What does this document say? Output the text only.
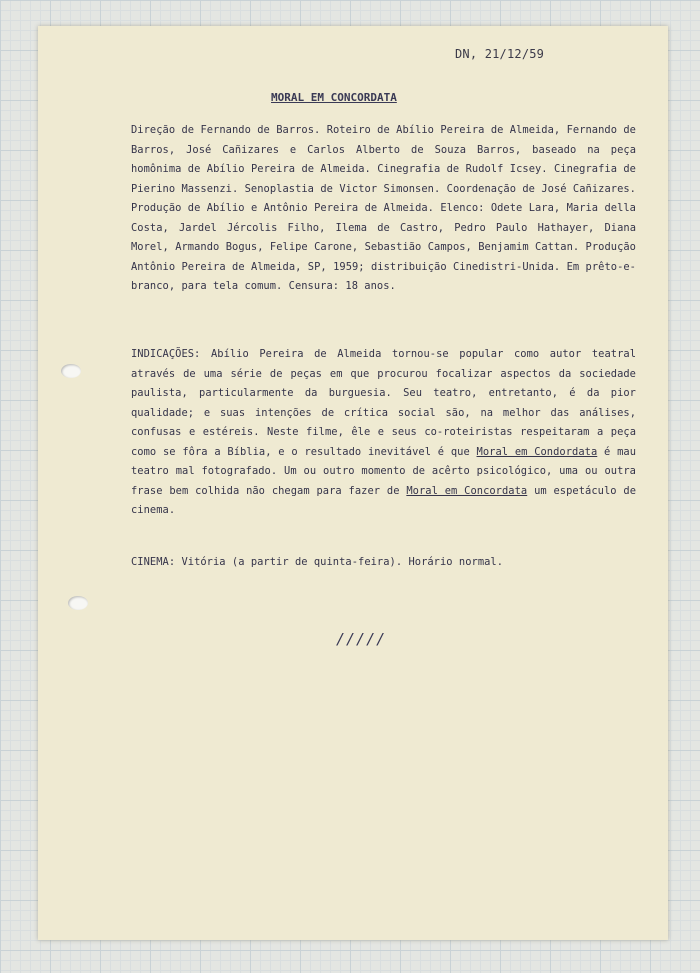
DN, 21/12/59
MORAL EM CONCORDATA

Direção de Fernando de Barros. Roteiro de Abílio Pereira de Almeida, Fernando de Barros, José Cañizares e Carlos Alberto de Souza Barros, baseado na peça homônima de Abílio Pereira de Almeida. Cinegrafia de Rudolf Icsey. Cinegrafia de Pierino Massenzi. Senoplastia de Victor Simonsen. Coordenação de José Cañizares. Produção de Abílio e Antônio Pereira de Almeida. Elenco: Odete Lara, Maria della Costa, Jardel Jércolis Filho, Ilema de Castro, Pedro Paulo Hathayer, Diana Morel, Armando Bogus, Felipe Carone, Sebastião Campos, Benjamim Cattan. Produção Antônio Pereira de Almeida, SP, 1959; distribuição Cinedistri-Unida. Em prêto-e-branco, para tela comum. Censura: 18 anos.

INDICAÇÕES: Abílio Pereira de Almeida tornou-se popular como autor teatral através de uma série de peças em que procurou focalizar aspectos da sociedade paulista, particularmente da burguesia. Seu teatro, entretanto, é da pior qualidade; e suas intenções de crítica social são, na melhor das análises, confusas e estéreis. Neste filme, êle e seus co-roteiristas respeitaram a peça como se fôra a Bíblia, e o resultado inevitável é que Moral em Condordata é mau teatro mal fotografado. Um ou outro momento de acêrto psicológico, uma ou outra frase bem colhida não chegam para fazer de Moral em Concordata um espetáculo de cinema.

CINEMA: Vitória (a partir de quinta-feira). Horário normal.

/////
